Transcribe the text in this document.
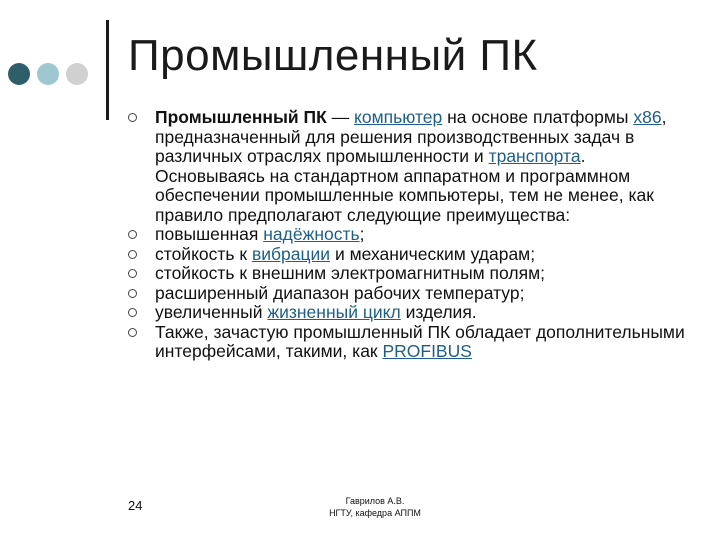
Промышленный ПК
Промышленный ПК — компьютер на основе платформы x86, предназначенный для решения производственных задач в различных отраслях промышленности и транспорта. Основываясь на стандартном аппаратном и программном обеспечении промышленные компьютеры, тем не менее, как правило предполагают следующие преимущества:
повышенная надёжность;
стойкость к вибрации и механическим ударам;
стойкость к внешним электромагнитным полям;
расширенный диапазон рабочих температур;
увеличенный жизненный цикл изделия.
Также, зачастую промышленный ПК обладает дополнительными интерфейсами, такими, как PROFIBUS
24	Гаврилов А.В.
НГТУ, кафедра АППМ
